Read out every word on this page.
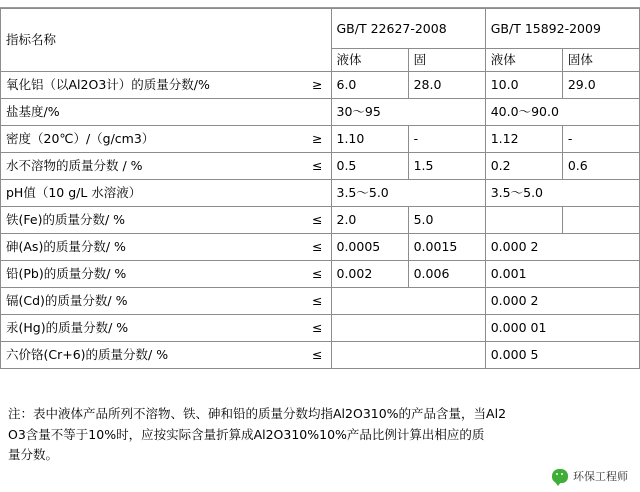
指标名称	GB/T 22627-2008		GB/T 15892-2009	
	液体	固	液体	固体
氧化铝（以Al2O3计）的质量分数/% ≥	6.0	28.0	10.0	29.0
盐基度/%	30～95		40.0～90.0	
密度（20℃）/（g/cm3） ≥	1.10	-	1.12	-
水不溶物的质量分数 / % ≤	0.5	1.5	0.2	0.6
pH值（10 g/L 水溶液）	3.5～5.0		3.5～5.0	
铁(Fe)的质量分数/ % ≤	2.0	5.0		
砷(As)的质量分数/ % ≤	0.0005	0.0015	0.000 2	
铅(Pb)的质量分数/ % ≤	0.002	0.006	0.001	
镉(Cd)的质量分数/ % ≤			0.000 2	
汞(Hg)的质量分数/ % ≤			0.000 01	
六价铬(Cr+6)的质量分数/ % ≤			0.000 5	
注：表中液体产品所列不溶物、铁、砷和铅的质量分数均指Al2O310%的产品含量，当Al2
O3含量不等于10%时，应按实际含量折算成Al2O310%10%产品比例计算出相应的质
量分数。
环保工程师
